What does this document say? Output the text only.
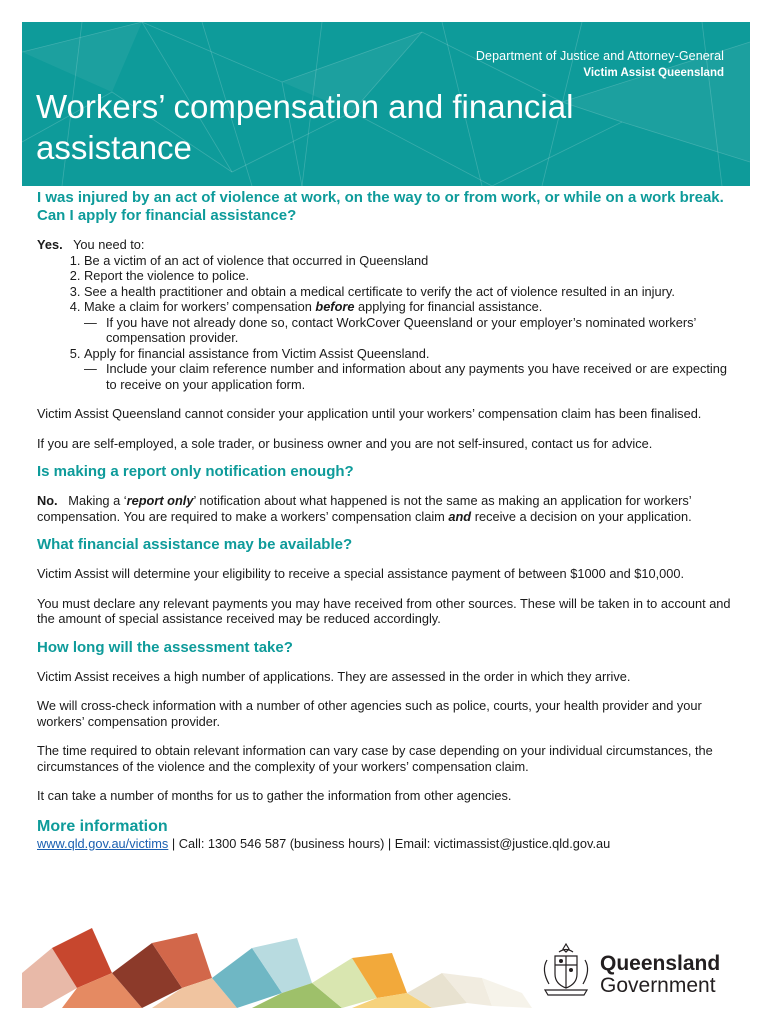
Department of Justice and Attorney-General
Victim Assist Queensland
Workers’ compensation and financial assistance
I was injured by an act of violence at work, on the way to or from work, or while on a work break. Can I apply for financial assistance?

Yes. You need to:

1. Be a victim of an act of violence that occurred in Queensland
2. Report the violence to police.
3. See a health practitioner and obtain a medical certificate to verify the act of violence resulted in an injury.
4. Make a claim for workers’ compensation before applying for financial assistance.
— If you have not already done so, contact WorkCover Queensland or your employer’s nominated workers’ compensation provider.
5. Apply for financial assistance from Victim Assist Queensland.
— Include your claim reference number and information about any payments you have received or are expecting to receive on your application form.

Victim Assist Queensland cannot consider your application until your workers’ compensation claim has been finalised.

If you are self-employed, a sole trader, or business owner and you are not self-insured, contact us for advice.

Is making a report only notification enough?

No. Making a ‘report only’ notification about what happened is not the same as making an application for workers’ compensation. You are required to make a workers’ compensation claim and receive a decision on your application.

What financial assistance may be available?

Victim Assist will determine your eligibility to receive a special assistance payment of between $1000 and $10,000.

You must declare any relevant payments you may have received from other sources. These will be taken in to account and the amount of special assistance received may be reduced accordingly.

How long will the assessment take?

Victim Assist receives a high number of applications. They are assessed in the order in which they arrive.

We will cross-check information with a number of other agencies such as police, courts, your health provider and your workers’ compensation provider.

The time required to obtain relevant information can vary case by case depending on your individual circumstances, the circumstances of the violence and the complexity of your workers’ compensation claim.

It can take a number of months for us to gather the information from other agencies.

More information

www.qld.gov.au/victims | Call: 1300 546 587 (business hours) | Email: victimassist@justice.qld.gov.au

Queensland
Government
